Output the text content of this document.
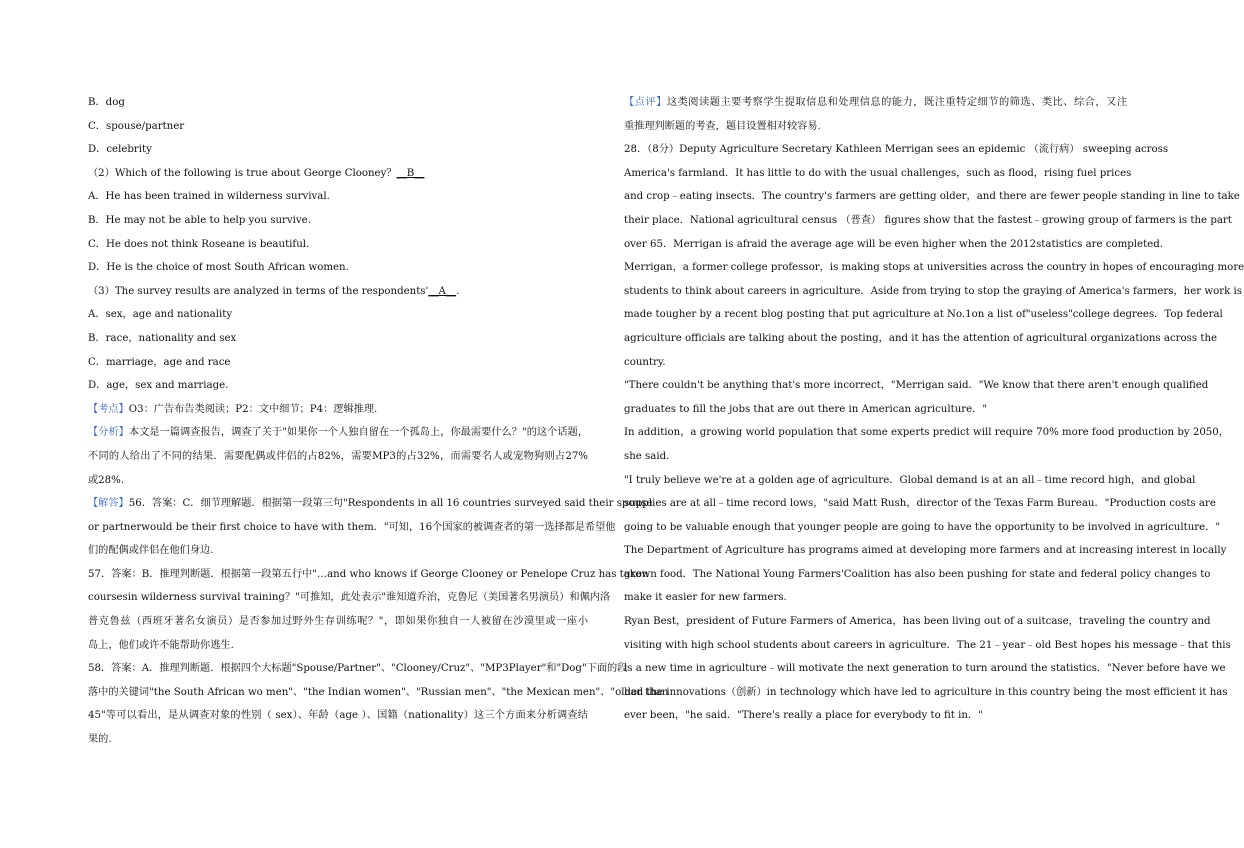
B．dog
C．spouse/partner
D．celebrity
（2）Which of the following is true about George Clooney？__B__
A．He has been trained in wilderness survival.
B．He may not be able to help you survive.
C．He does not think Roseane is beautiful.
D．He is the choice of most South African women.
（3）The survey results are analyzed in terms of the respondents'__A__.
A．sex，age and nationality
B．race，nationality and sex
C．marriage，age and race
D．age，sex and marriage.
【考点】O3：广告布告类阅读；P2：文中细节；P4：逻辑推理.
【分析】本文是一篇调查报告，调查了关于"如果你一个人独自留在一个孤岛上，你最需要什么？"的这个话题，
不同的人给出了不同的结果．需要配偶或伴侣的占82%，需要MP3的占32%，而需要名人或宠物狗则占27%
或28%.
【解答】56．答案：C．细节理解题．根据第一段第三句"Respondents in all 16 countries surveyed said their spouse
or partnerwould be their first choice to have with them．"可知，16个国家的被调查者的第一选择都是希望他
们的配偶或伴侣在他们身边.
57．答案：B．推理判断题．根据第一段第五行中"…and who knows if George Clooney or Penelope Cruz has taken
coursesin wilderness survival training？"可推知，此处表示"谁知道乔治，克鲁尼（美国著名男演员）和佩内洛
普克鲁兹（西班牙著名女演员）是否参加过野外生存训练呢？"，即如果你独自一人被留在沙漠里或一座小
岛上，他们或许不能帮助你逃生.
58．答案：A．推理判断题．根据四个大标题"Spouse/Partner"、"Clooney/Cruz"、"MP3Player"和"Dog"下面的段
落中的关键词"the South African wo men"、"the Indian women"、"Russian men"、"the Mexican men"、"older than
45"等可以看出，是从调查对象的性别（ sex）、年龄（age ）、国籍（nationality）这三个方面来分析调查结
果的.
【点评】这类阅读题主要考察学生提取信息和处理信息的能力，既注重特定细节的筛选、类比、综合，又注
重推理判断题的考查，题目设置相对较容易.
28．（8分）Deputy Agriculture Secretary Kathleen Merrigan sees an epidemic （流行病） sweeping across
America's farmland．It has little to do with the usual challenges，such as flood，rising fuel prices
and crop﹣eating insects．The country's farmers are getting older，and there are fewer people standing in line to take
their place．National agricultural census （普查） figures show that the fastest﹣growing group of farmers is the part
over 65．Merrigan is afraid the average age will be even higher when the 2012statistics are completed.
Merrigan，a former college professor，is making stops at universities across the country in hopes of encouraging more
students to think about careers in agriculture．Aside from trying to stop the graying of America's farmers，her work is
made tougher by a recent blog posting that put agriculture at No.1on a list of"useless"college degrees．Top federal
agriculture officials are talking about the posting，and it has the attention of agricultural organizations across the
country.
"There couldn't be anything that's more incorrect，"Merrigan said．"We know that there aren't enough qualified
graduates to fill the jobs that are out there in American agriculture．"
In addition，a growing world population that some experts predict will require 70% more food production by 2050，
she said.
"I truly believe we're at a golden age of agriculture．Global demand is at an all﹣time record high，and global
supplies are at all﹣time record lows，"said Matt Rush，director of the Texas Farm Bureau．"Production costs are
going to be valuable enough that younger people are going to have the opportunity to be involved in agriculture．"
The Department of Agriculture has programs aimed at developing more farmers and at increasing interest in locally
grown food．The National Young Farmers'Coalition has also been pushing for state and federal policy changes to
make it easier for new farmers.
Ryan Best，president of Future Farmers of America，has been living out of a suitcase，traveling the country and
visiting with high school students about careers in agriculture．The 21﹣year﹣old Best hopes his message﹣that this
is a new time in agriculture﹣will motivate the next generation to turn around the statistics．"Never before have we
had the innovations（创新）in technology which have led to agriculture in this country being the most efficient it has
ever been，"he said．"There's really a place for everybody to fit in．"
